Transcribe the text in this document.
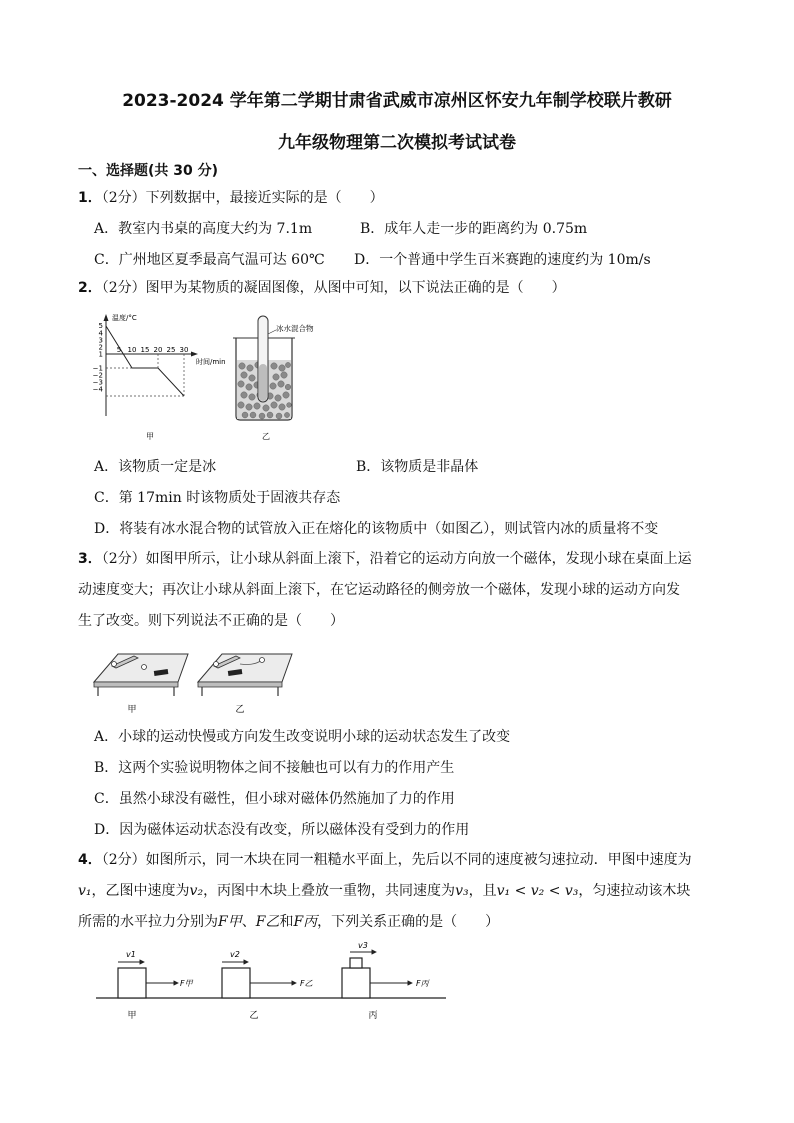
2023-2024 学年第二学期甘肃省武威市凉州区怀安九年制学校联片教研
九年级物理第二次模拟考试试卷
一、选择题(共 30 分)
1．（2分）下列数据中，最接近实际的是（　　）
A．教室内书桌的高度大约为 7.1m	B．成年人走一步的距离约为 0.75m
C．广州地区夏季最高气温可达 60℃ D．一个普通中学生百米赛跑的速度约为 10m/s
2．（2分）图甲为某物质的凝固图像，从图中可知，以下说法正确的是（　　）
温度/°C
时间/min
5
4
3
2
1
−1
−2
−3
−4
5 10 15 20 25 30
甲
冰水混合物
乙
A．该物质一定是冰	B．该物质是非晶体
C．第 17min 时该物质处于固液共存态
D．将装有冰水混合物的试管放入正在熔化的该物质中（如图乙），则试管内冰的质量将不变
3．（2分）如图甲所示，让小球从斜面上滚下，沿着它的运动方向放一个磁体，发现小球在桌面上运
动速度变大；再次让小球从斜面上滚下，在它运动路径的侧旁放一个磁体，发现小球的运动方向发
生了改变。则下列说法不正确的是（　　）
甲	乙
A．小球的运动快慢或方向发生改变说明小球的运动状态发生了改变
B．这两个实验说明物体之间不接触也可以有力的作用产生
C．虽然小球没有磁性，但小球对磁体仍然施加了力的作用
D．因为磁体运动状态没有改变，所以磁体没有受到力的作用
4．（2分）如图所示，同一木块在同一粗糙水平面上，先后以不同的速度被匀速拉动．甲图中速度为
v₁，乙图中速度为v₂，丙图中木块上叠放一重物，共同速度为v₃，且v₁ < v₂ < v₃，匀速拉动该木块
所需的水平拉力分别为F甲、F乙和F丙，下列关系正确的是（　　）
v1
F甲
甲
v2
F乙
乙
v3
F丙
丙
